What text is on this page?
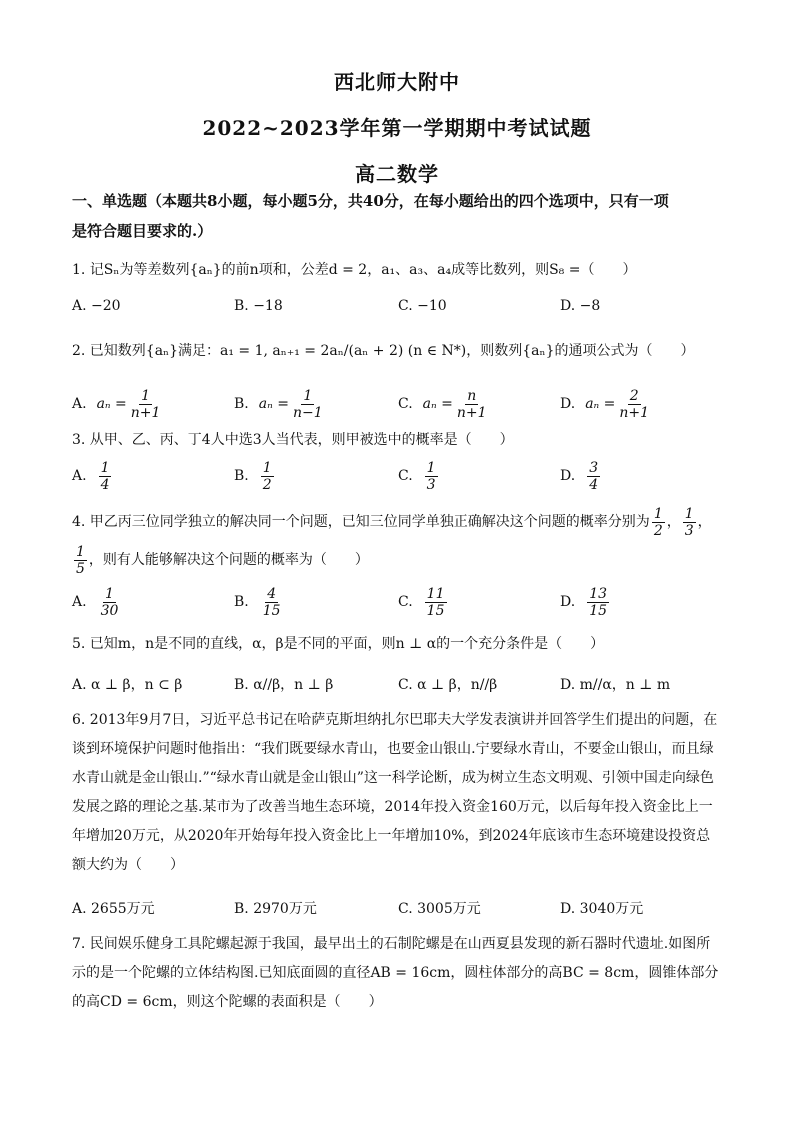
西北师大附中
2022~2023学年第一学期期中考试试题
高二数学
一、单选题（本题共8小题，每小题5分，共40分，在每小题给出的四个选项中，只有一项
是符合题目要求的.）
1. 记Sₙ为等差数列{aₙ}的前n项和，公差d = 2，a₁、a₃、a₄成等比数列，则S₈ =（　　）
A. −20	B. −18	C. −10	D. −8
2. 已知数列{aₙ}满足：a₁ = 1, aₙ₊₁ = 2aₙ/(aₙ + 2) (n ∈ N*)，则数列{aₙ}的通项公式为（　　）
A. $a_n = \frac{1}{n+1}$	B. $a_n = \frac{1}{n-1}$	C. $a_n = \frac{n}{n+1}$	D. $a_n = \frac{2}{n+1}$
3. 从甲、乙、丙、丁4人中选3人当代表，则甲被选中的概率是（　　）
A. $\frac{1}{4}$	B. $\frac{1}{2}$	C. $\frac{1}{3}$	D. $\frac{3}{4}$
4. 甲乙丙三位同学独立的解决同一个问题，已知三位同学单独正确解决这个问题的概率分别为 $\frac{1}{2}$ ， $\frac{1}{3}$ ，
$\frac{1}{5}$ ，则有人能够解决这个问题的概率为（　　）
A. $\frac{1}{30}$	B. $\frac{4}{15}$	C. $\frac{11}{15}$	D. $\frac{13}{15}$
5. 已知m，n是不同的直线，α，β是不同的平面，则n ⊥ α的一个充分条件是（　　）
A. α ⊥ β，n ⊂ β	B. α//β，n ⊥ β	C. α ⊥ β，n//β	D. m//α，n ⊥ m
6. 2013年9月7日，习近平总书记在哈萨克斯坦纳扎尔巴耶夫大学发表演讲并回答学生们提出的问题，在
谈到环境保护问题时他指出：“我们既要绿水青山，也要金山银山.宁要绿水青山，不要金山银山，而且绿
水青山就是金山银山.”“绿水青山就是金山银山”这一科学论断，成为树立生态文明观、引领中国走向绿色
发展之路的理论之基.某市为了改善当地生态环境，2014年投入资金160万元，以后每年投入资金比上一
年增加20万元，从2020年开始每年投入资金比上一年增加10%，到2024年底该市生态环境建设投资总
额大约为（　　）
A. 2655万元	B. 2970万元	C. 3005万元	D. 3040万元
7. 民间娱乐健身工具陀螺起源于我国，最早出土的石制陀螺是在山西夏县发现的新石器时代遗址.如图所
示的是一个陀螺的立体结构图.已知底面圆的直径AB = 16cm，圆柱体部分的高BC = 8cm，圆锥体部分
的高CD = 6cm，则这个陀螺的表面积是（　　）
